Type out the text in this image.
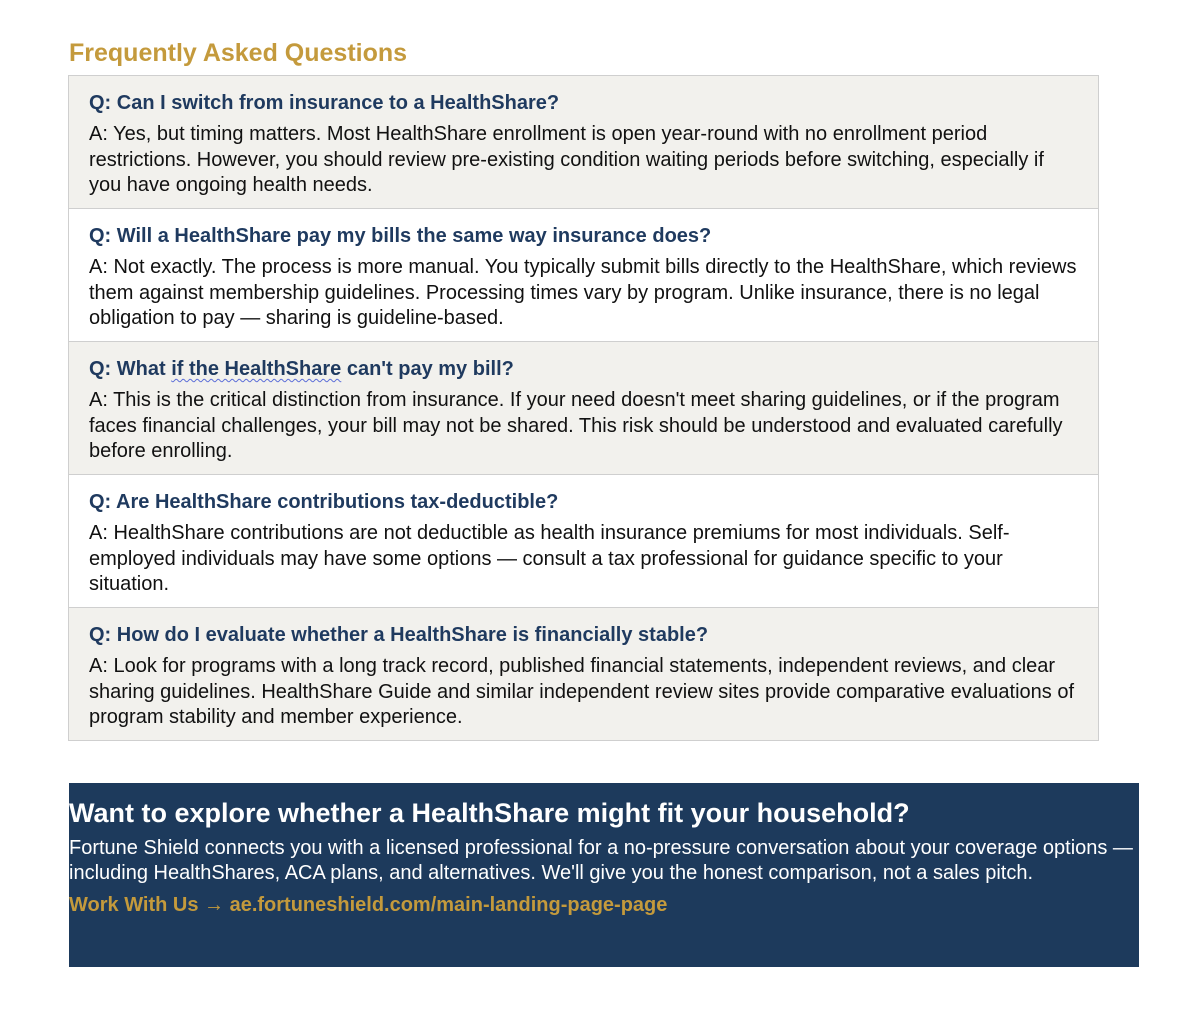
Frequently Asked Questions

Q: Can I switch from insurance to a HealthShare?

A: Yes, but timing matters. Most HealthShare enrollment is open year-round with no enrollment period restrictions. However, you should review pre-existing condition waiting periods before switching, especially if you have ongoing health needs.

Q: Will a HealthShare pay my bills the same way insurance does?

A: Not exactly. The process is more manual. You typically submit bills directly to the HealthShare, which reviews them against membership guidelines. Processing times vary by program. Unlike insurance, there is no legal obligation to pay — sharing is guideline-based.

Q: What if the HealthShare can't pay my bill?

A: This is the critical distinction from insurance. If your need doesn't meet sharing guidelines, or if the program faces financial challenges, your bill may not be shared. This risk should be understood and evaluated carefully before enrolling.

Q: Are HealthShare contributions tax-deductible?

A: HealthShare contributions are not deductible as health insurance premiums for most individuals. Self-employed individuals may have some options — consult a tax professional for guidance specific to your situation.

Q: How do I evaluate whether a HealthShare is financially stable?

A: Look for programs with a long track record, published financial statements, independent reviews, and clear sharing guidelines. HealthShare Guide and similar independent review sites provide comparative evaluations of program stability and member experience.

Want to explore whether a HealthShare might fit your household?

Fortune Shield connects you with a licensed professional for a no-pressure conversation about your coverage options — including HealthShares, ACA plans, and alternatives. We'll give you the honest comparison, not a sales pitch.

Work With Us → ae.fortuneshield.com/main-landing-page-page
